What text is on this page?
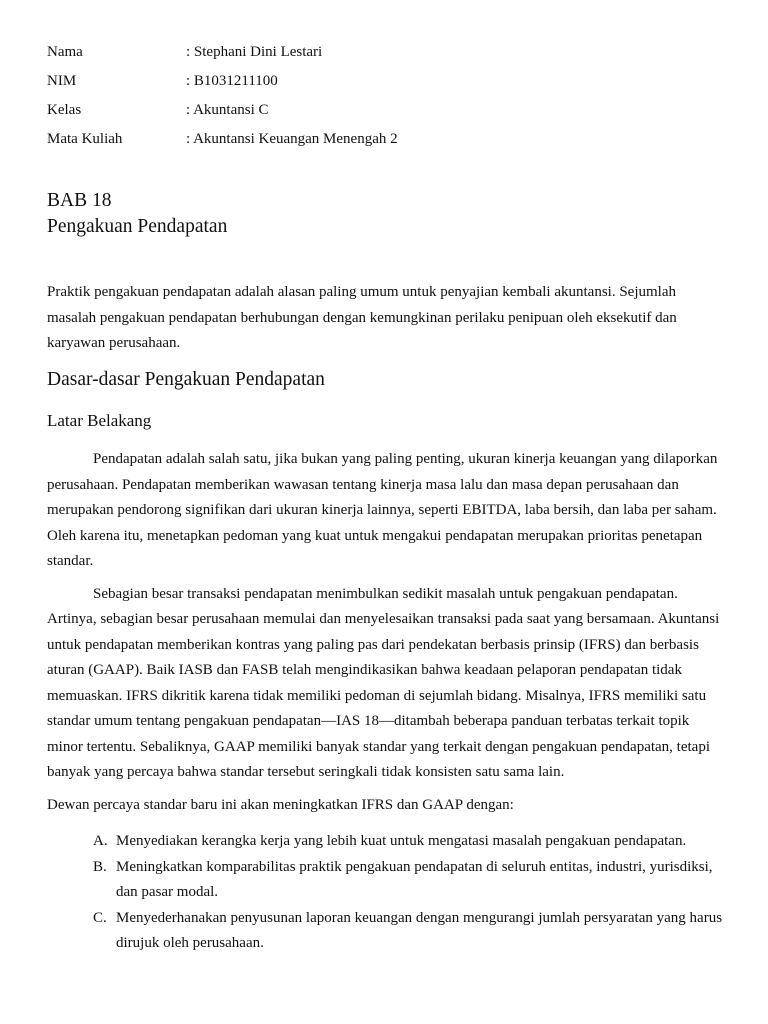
Nama	: Stephani Dini Lestari
NIM	: B1031211100
Kelas	: Akuntansi C
Mata Kuliah	: Akuntansi Keuangan Menengah 2
BAB 18
Pengakuan Pendapatan
Praktik pengakuan pendapatan adalah alasan paling umum untuk penyajian kembali akuntansi. Sejumlah masalah pengakuan pendapatan berhubungan dengan kemungkinan perilaku penipuan oleh eksekutif dan karyawan perusahaan.
Dasar-dasar Pengakuan Pendapatan
Latar Belakang

Pendapatan adalah salah satu, jika bukan yang paling penting, ukuran kinerja keuangan yang dilaporkan perusahaan. Pendapatan memberikan wawasan tentang kinerja masa lalu dan masa depan perusahaan dan merupakan pendorong signifikan dari ukuran kinerja lainnya, seperti EBITDA, laba bersih, dan laba per saham. Oleh karena itu, menetapkan pedoman yang kuat untuk mengakui pendapatan merupakan prioritas penetapan standar.

Sebagian besar transaksi pendapatan menimbulkan sedikit masalah untuk pengakuan pendapatan. Artinya, sebagian besar perusahaan memulai dan menyelesaikan transaksi pada saat yang bersamaan. Akuntansi untuk pendapatan memberikan kontras yang paling pas dari pendekatan berbasis prinsip (IFRS) dan berbasis aturan (GAAP). Baik IASB dan FASB telah mengindikasikan bahwa keadaan pelaporan pendapatan tidak memuaskan. IFRS dikritik karena tidak memiliki pedoman di sejumlah bidang. Misalnya, IFRS memiliki satu standar umum tentang pengakuan pendapatan—IAS 18—ditambah beberapa panduan terbatas terkait topik minor tertentu. Sebaliknya, GAAP memiliki banyak standar yang terkait dengan pengakuan pendapatan, tetapi banyak yang percaya bahwa standar tersebut seringkali tidak konsisten satu sama lain.

Dewan percaya standar baru ini akan meningkatkan IFRS dan GAAP dengan:

A. Menyediakan kerangka kerja yang lebih kuat untuk mengatasi masalah pengakuan pendapatan.
B. Meningkatkan komparabilitas praktik pengakuan pendapatan di seluruh entitas, industri, yurisdiksi, dan pasar modal.
C. Menyederhanakan penyusunan laporan keuangan dengan mengurangi jumlah persyaratan yang harus dirujuk oleh perusahaan.
